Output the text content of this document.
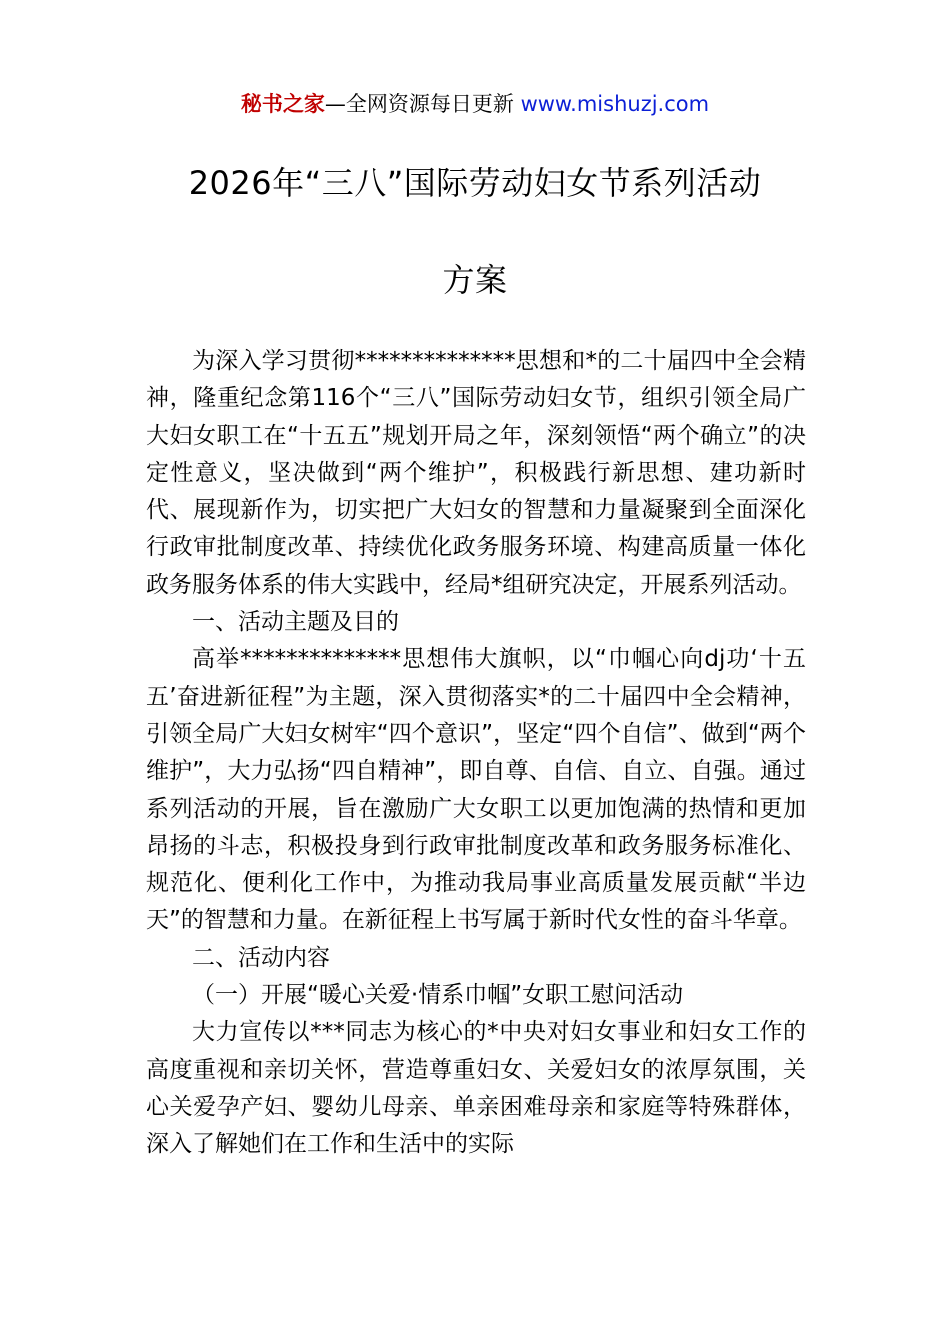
秘书之家—全网资源每日更新 www.mishuzj.com
2026年“三八”国际劳动妇女节系列活动
方案

为深入学习贯彻**************思想和*的二十届四中全会精神，隆重纪念第116个“三八”国际劳动妇女节，组织引领全局广大妇女职工在“十五五”规划开局之年，深刻领悟“两个确立”的决定性意义，坚决做到“两个维护”，积极践行新思想、建功新时代、展现新作为，切实把广大妇女的智慧和力量凝聚到全面深化行政审批制度改革、持续优化政务服务环境、构建高质量一体化政务服务体系的伟大实践中，经局*组研究决定，开展系列活动。

一、活动主题及目的

高举**************思想伟大旗帜，以“巾帼心向dj功‘十五五’奋进新征程”为主题，深入贯彻落实*的二十届四中全会精神，引领全局广大妇女树牢“四个意识”，坚定“四个自信”、做到“两个维护”，大力弘扬“四自精神”，即自尊、自信、自立、自强。通过系列活动的开展，旨在激励广大女职工以更加饱满的热情和更加昂扬的斗志，积极投身到行政审批制度改革和政务服务标准化、规范化、便利化工作中，为推动我局事业高质量发展贡献“半边天”的智慧和力量。在新征程上书写属于新时代女性的奋斗华章。

二、活动内容

（一）开展“暖心关爱·情系巾帼”女职工慰问活动

大力宣传以***同志为核心的*中央对妇女事业和妇女工作的高度重视和亲切关怀，营造尊重妇女、关爱妇女的浓厚氛围，关心关爱孕产妇、婴幼儿母亲、单亲困难母亲和家庭等特殊群体，深入了解她们在工作和生活中的实际
